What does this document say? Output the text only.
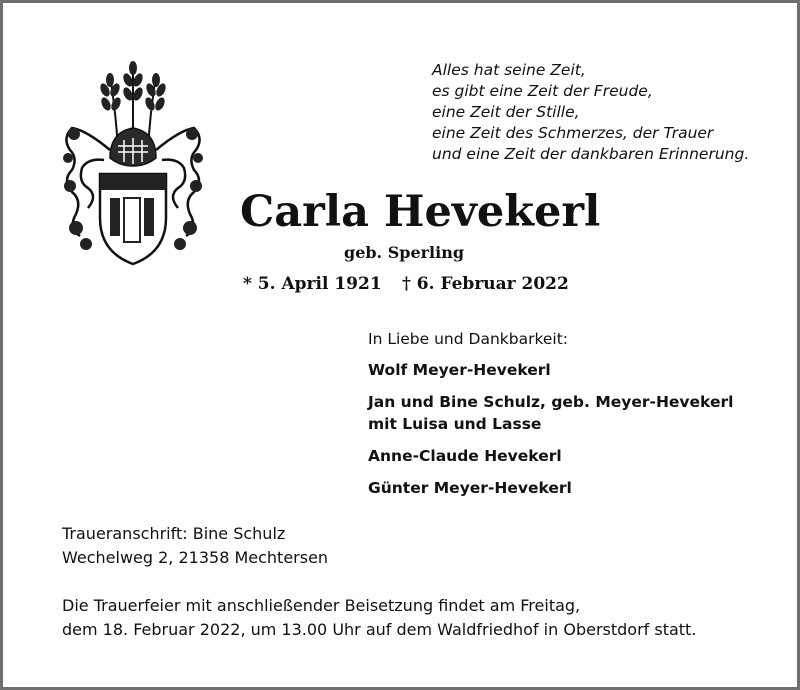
Alles hat seine Zeit,
es gibt eine Zeit der Freude,
eine Zeit der Stille,
eine Zeit des Schmerzes, der Trauer
und eine Zeit der dankbaren Erinnerung.
Carla Hevekerl
geb. Sperling
* 5. April 1921 † 6. Februar 2022
In Liebe und Dankbarkeit:
Wolf Meyer-Hevekerl
Jan und Bine Schulz, geb. Meyer-Hevekerl
mit Luisa und Lasse
Anne-Claude Hevekerl
Günter Meyer-Hevekerl
Traueranschrift: Bine Schulz
Wechelweg 2, 21358 Mechtersen
Die Trauerfeier mit anschließender Beisetzung findet am Freitag,
dem 18. Februar 2022, um 13.00 Uhr auf dem Waldfriedhof in Oberstdorf statt.
